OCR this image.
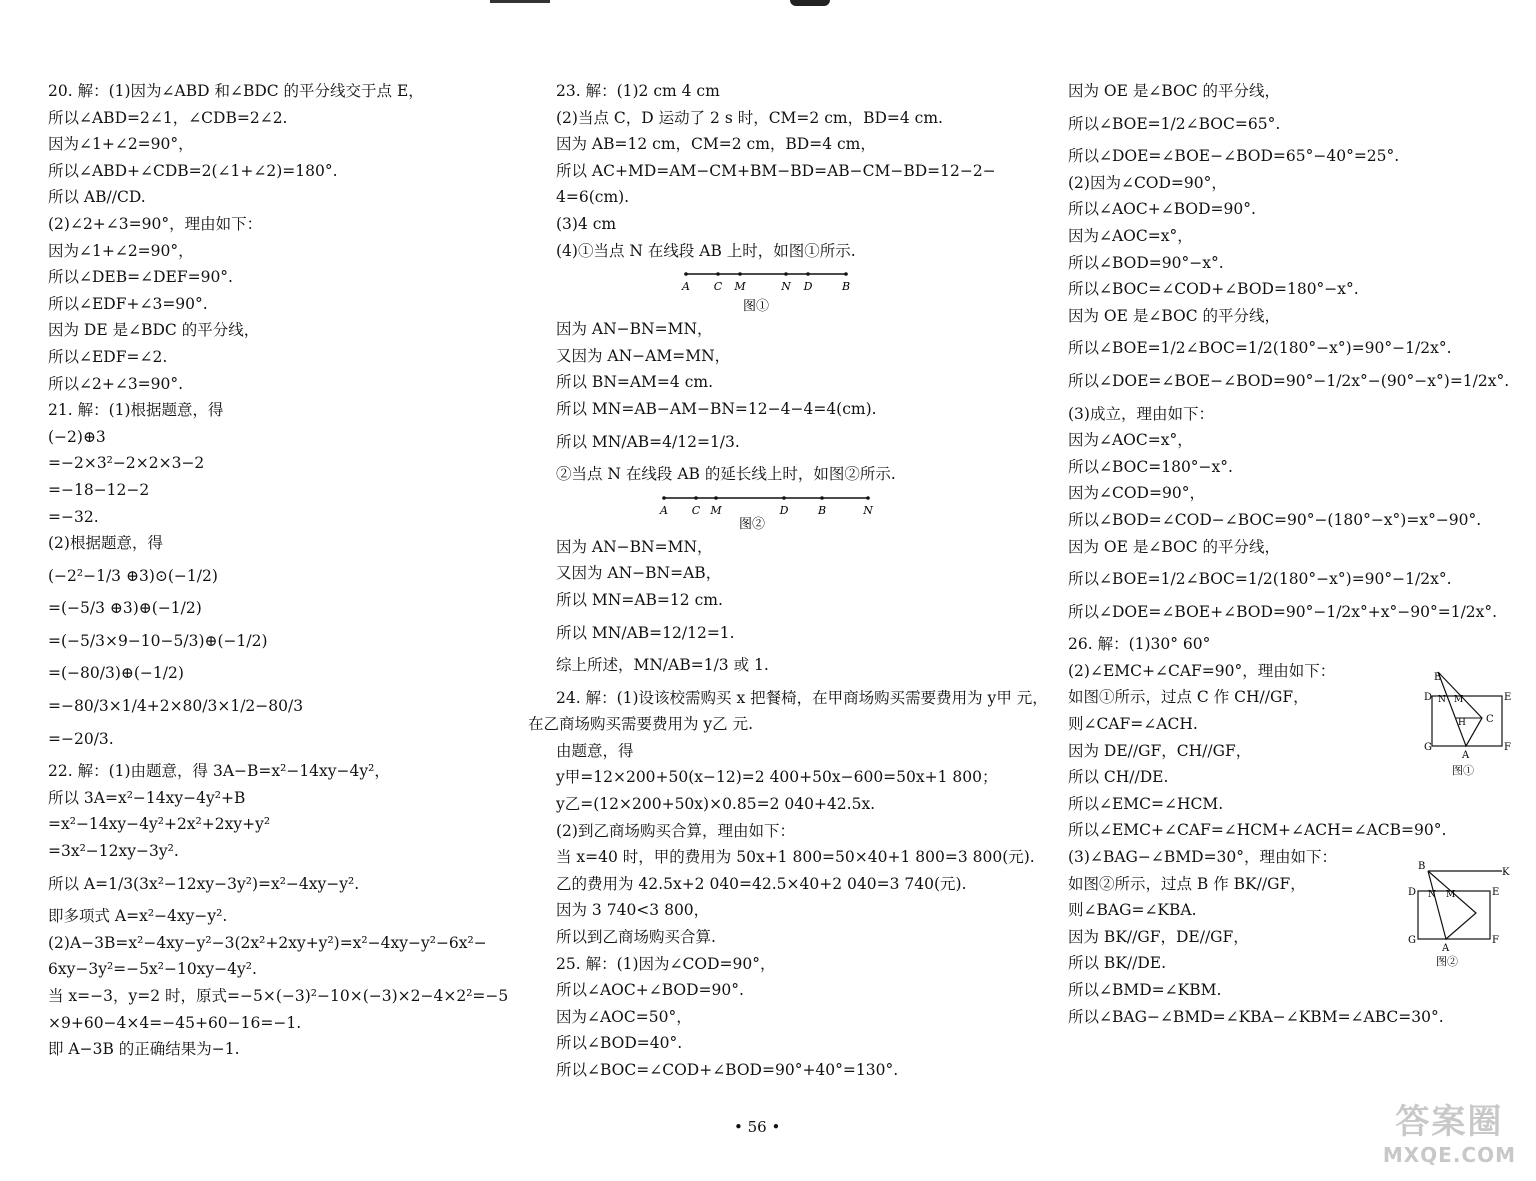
20. 解：(1)因为∠ABD 和∠BDC 的平分线交于点 E，
所以∠ABD=2∠1，∠CDB=2∠2.
因为∠1+∠2=90°，
所以∠ABD+∠CDB=2(∠1+∠2)=180°.
所以 AB//CD.
(2)∠2+∠3=90°，理由如下：
因为∠1+∠2=90°，
所以∠DEB=∠DEF=90°.
所以∠EDF+∠3=90°.
因为 DE 是∠BDC 的平分线，
所以∠EDF=∠2.
所以∠2+∠3=90°.
21. 解：(1)根据题意，得
(−2)⊕3
=−2×3²−2×2×3−2
=−18−12−2
=−32.
(2)根据题意，得
(−2²−1/3 ⊕3)⊙(−1/2)
=(−5/3 ⊕3)⊕(−1/2)
=(−5/3×9−10−5/3)⊕(−1/2)
=(−80/3)⊕(−1/2)
=−80/3×1/4+2×80/3×1/2−80/3
=−20/3.
22. 解：(1)由题意，得 3A−B=x²−14xy−4y²，
所以 3A=x²−14xy−4y²+B
=x²−14xy−4y²+2x²+2xy+y²
=3x²−12xy−3y².
所以 A=1/3(3x²−12xy−3y²)=x²−4xy−y².
即多项式 A=x²−4xy−y².
(2)A−3B=x²−4xy−y²−3(2x²+2xy+y²)=x²−4xy−y²−6x²−
6xy−3y²=−5x²−10xy−4y².
当 x=−3，y=2 时，原式=−5×(−3)²−10×(−3)×2−4×2²=−5
×9+60−4×4=−45+60−16=−1.
即 A−3B 的正确结果为−1.
23. 解：(1)2 cm 4 cm
(2)当点 C，D 运动了 2 s 时，CM=2 cm，BD=4 cm.
因为 AB=12 cm，CM=2 cm，BD=4 cm，
所以 AC+MD=AM−CM+BM−BD=AB−CM−BD=12−2−
4=6(cm).
(3)4 cm
(4)①当点 N 在线段 AB 上时，如图①所示.
A C M	N D	B
图①
因为 AN−BN=MN，
又因为 AN−AM=MN，
所以 BN=AM=4 cm.
所以 MN=AB−AM−BN=12−4−4=4(cm).
所以 MN/AB=4/12=1/3.
②当点 N 在线段 AB 的延长线上时，如图②所示.
A C M	D	B	N
图②
因为 AN−BN=MN，
又因为 AN−BN=AB，
所以 MN=AB=12 cm.
所以 MN/AB=12/12=1.
综上所述，MN/AB=1/3 或 1.
24. 解：(1)设该校需购买 x 把餐椅，在甲商场购买需要费用为 y甲 元，
在乙商场购买需要费用为 y乙 元.
由题意，得
y甲=12×200+50(x−12)=2 400+50x−600=50x+1 800；
y乙=(12×200+50x)×0.85=2 040+42.5x.
(2)到乙商场购买合算，理由如下：
当 x=40 时，甲的费用为 50x+1 800=50×40+1 800=3 800(元).
乙的费用为 42.5x+2 040=42.5×40+2 040=3 740(元).
因为 3 740<3 800，
所以到乙商场购买合算.
25. 解：(1)因为∠COD=90°，
所以∠AOC+∠BOD=90°.
因为∠AOC=50°，
所以∠BOD=40°.
所以∠BOC=∠COD+∠BOD=90°+40°=130°.
因为 OE 是∠BOC 的平分线，
所以∠BOE=1/2∠BOC=65°.
所以∠DOE=∠BOE−∠BOD=65°−40°=25°.
(2)因为∠COD=90°，
所以∠AOC+∠BOD=90°.
因为∠AOC=x°，
所以∠BOD=90°−x°.
所以∠BOC=∠COD+∠BOD=180°−x°.
因为 OE 是∠BOC 的平分线，
所以∠BOE=1/2∠BOC=1/2(180°−x°)=90°−1/2x°.
所以∠DOE=∠BOE−∠BOD=90°−1/2x°−(90°−x°)=1/2x°.
(3)成立，理由如下：
因为∠AOC=x°，
所以∠BOC=180°−x°.
因为∠COD=90°，
所以∠BOD=∠COD−∠BOC=90°−(180°−x°)=x°−90°.
因为 OE 是∠BOC 的平分线，
所以∠BOE=1/2∠BOC=1/2(180°−x°)=90°−1/2x°.
所以∠DOE=∠BOE+∠BOD=90°−1/2x°+x°−90°=1/2x°.
26. 解：(1)30° 60°
(2)∠EMC+∠CAF=90°，理由如下：
如图①所示，过点 C 作 CH//GF，
则∠CAF=∠ACH.
因为 DE//GF，CH//GF，
所以 CH//DE.
所以∠EMC=∠HCM.
B
D N M	E
H C
G
A
F
图①
所以∠EMC+∠CAF=∠HCM+∠ACH=∠ACB=90°.
(3)∠BAG−∠BMD=30°，理由如下：
如图②所示，过点 B 作 BK//GF，
则∠BAG=∠KBA.
因为 BK//GF，DE//GF，
所以 BK//DE.
所以∠BMD=∠KBM.
B
K
D N M	E
G
A
F
图②
所以∠BAG−∠BMD=∠KBA−∠KBM=∠ABC=30°.
• 56 •	答案圈
MXQE.COM
